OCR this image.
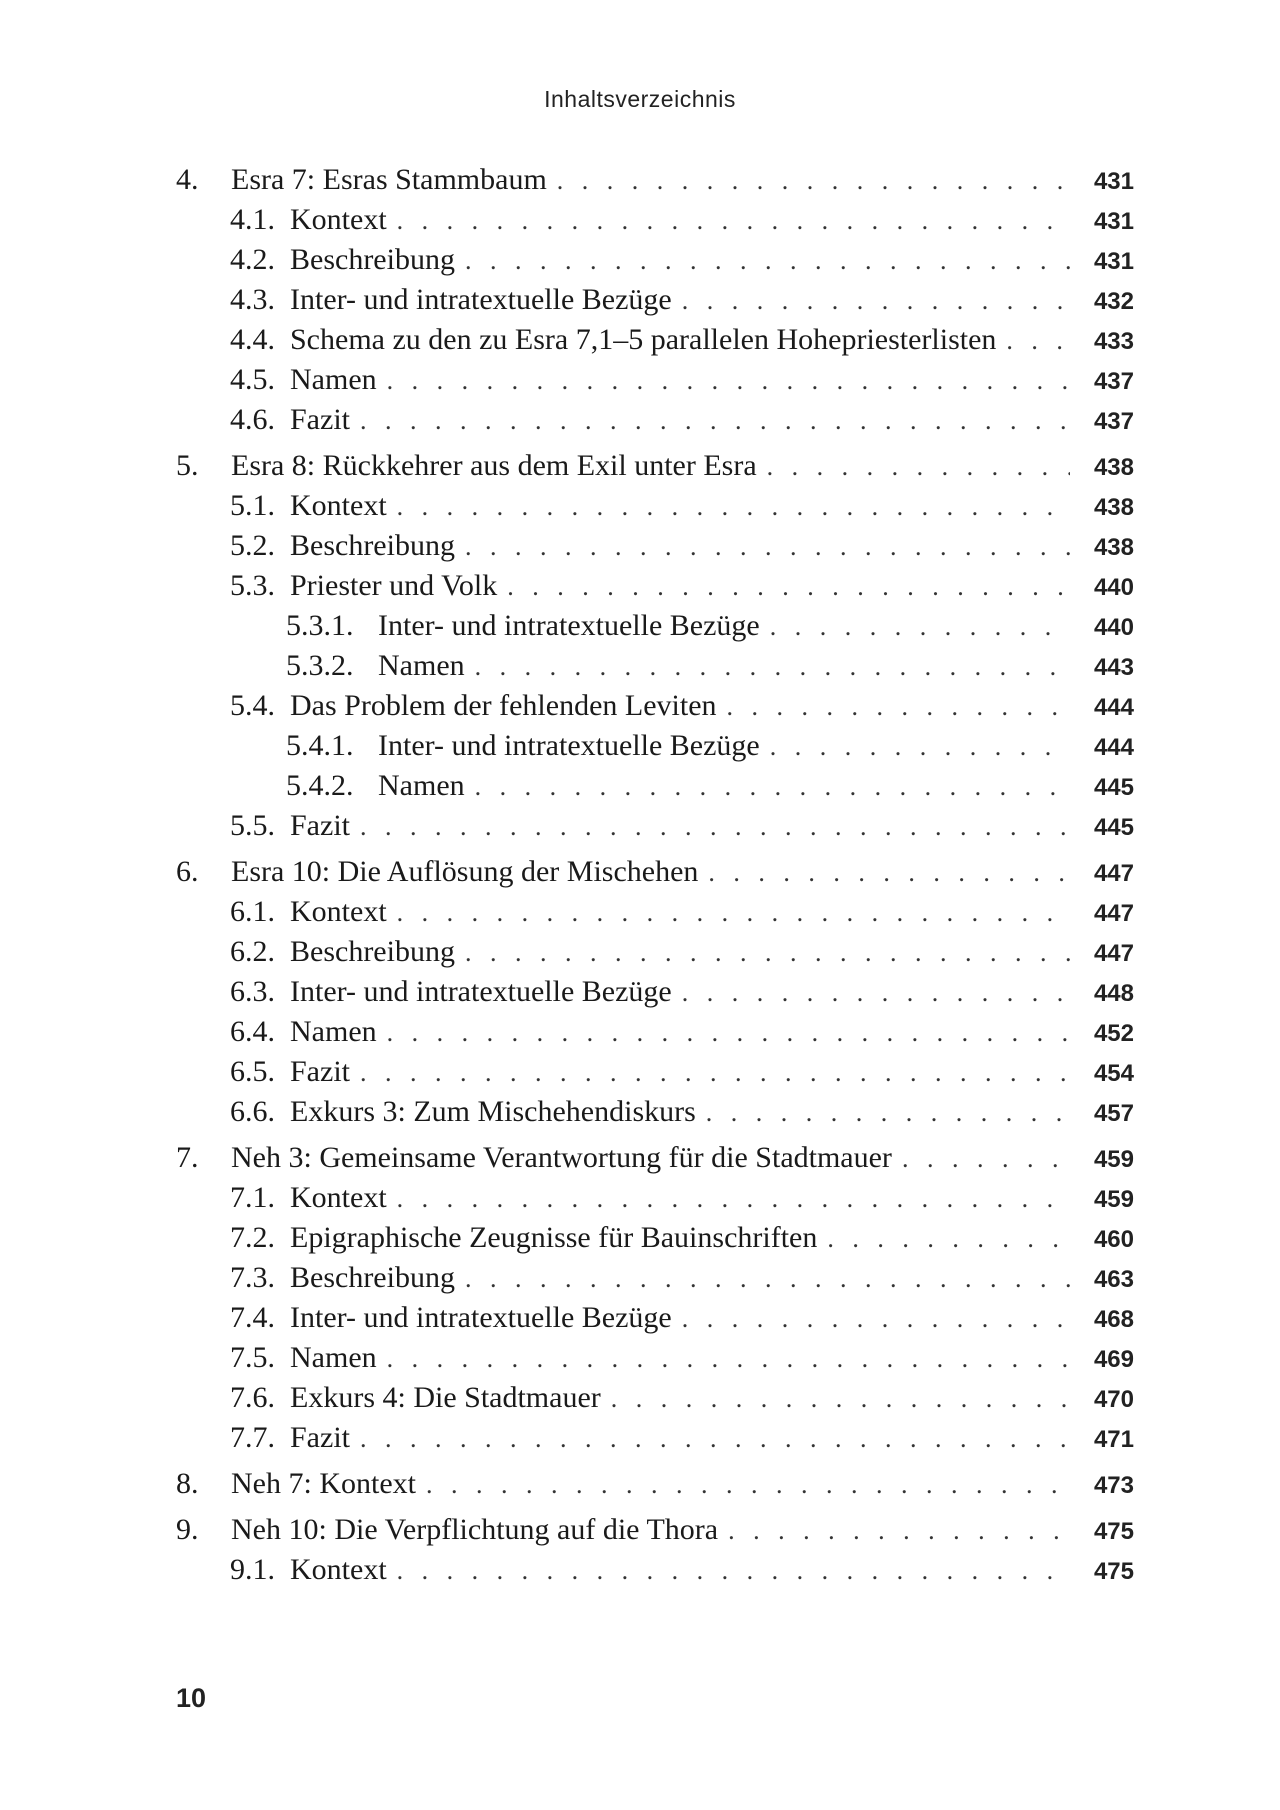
Inhaltsverzeichnis
4.	Esra 7: Esras Stammbaum . . .	431
4.1. Kontext . . .	431
4.2. Beschreibung . . .	431
4.3. Inter- und intratextuelle Bezüge . . .	432
4.4. Schema zu den zu Esra 7,1–5 parallelen Hohepriesterlisten . . .	433
4.5. Namen . . .	437
4.6. Fazit . . .	437
5.	Esra 8: Rückkehrer aus dem Exil unter Esra . . .	438
5.1. Kontext . . .	438
5.2. Beschreibung . . .	438
5.3. Priester und Volk . . .	440
5.3.1. Inter- und intratextuelle Bezüge . . .	440
5.3.2. Namen . . .	443
5.4. Das Problem der fehlenden Leviten . . .	444
5.4.1. Inter- und intratextuelle Bezüge . . .	444
5.4.2. Namen . . .	445
5.5. Fazit . . .	445
6.	Esra 10: Die Auflösung der Mischehen . . .	447
6.1. Kontext . . .	447
6.2. Beschreibung . . .	447
6.3. Inter- und intratextuelle Bezüge . . .	448
6.4. Namen . . .	452
6.5. Fazit . . .	454
6.6. Exkurs 3: Zum Mischehendiskurs . . .	457
7.	Neh 3: Gemeinsame Verantwortung für die Stadtmauer . . .	459
7.1. Kontext . . .	459
7.2. Epigraphische Zeugnisse für Bauinschriften . . .	460
7.3. Beschreibung . . .	463
7.4. Inter- und intratextuelle Bezüge . . .	468
7.5. Namen . . .	469
7.6. Exkurs 4: Die Stadtmauer . . .	470
7.7. Fazit . . .	471
8.	Neh 7: Kontext . . .	473
9.	Neh 10: Die Verpflichtung auf die Thora . . .	475
9.1. Kontext . . .	475
10
